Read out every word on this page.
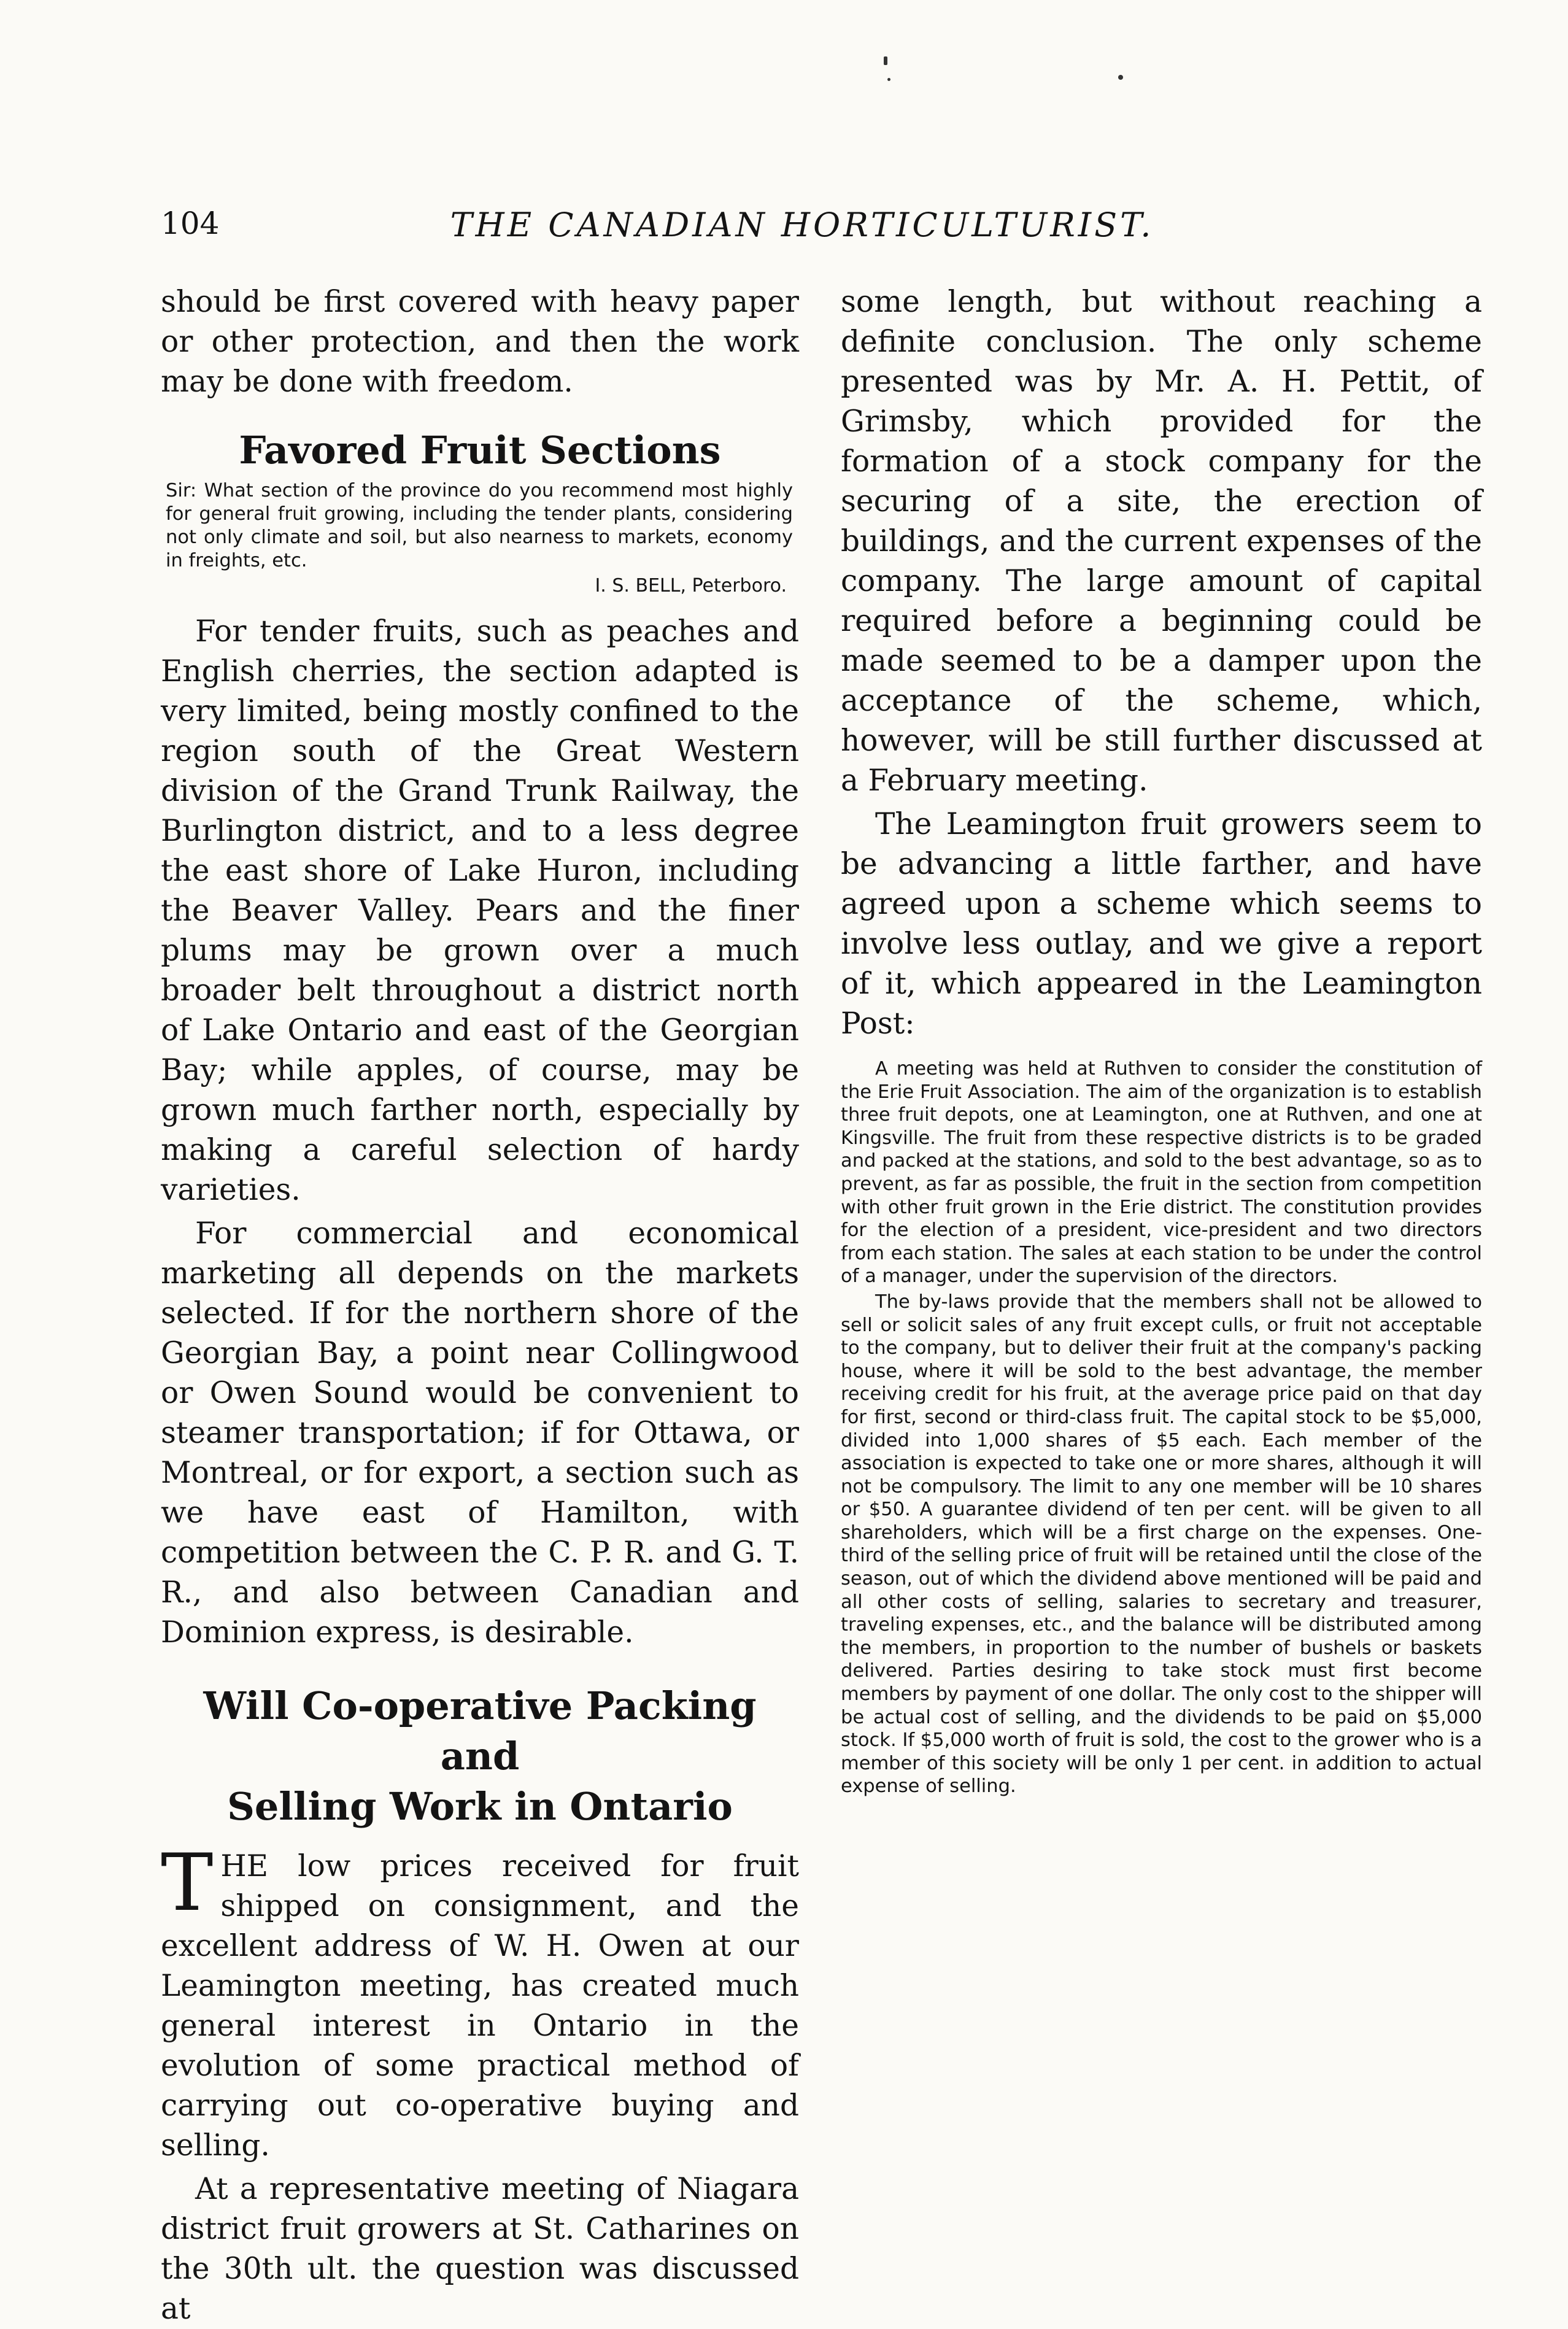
104	THE CANADIAN HORTICULTURIST.

should be first covered with heavy paper or other protection, and then the work may be done with freedom.

Favored Fruit Sections

Sir: What section of the province do you recommend most highly for general fruit growing, including the tender plants, considering not only climate and soil, but also nearness to markets, economy in freights, etc.

I. S. BELL, Peterboro.

For tender fruits, such as peaches and English cherries, the section adapted is very limited, being mostly confined to the region south of the Great Western division of the Grand Trunk Railway, the Burlington district, and to a less degree the east shore of Lake Huron, including the Beaver Valley. Pears and the finer plums may be grown over a much broader belt throughout a district north of Lake Ontario and east of the Georgian Bay; while apples, of course, may be grown much farther north, especially by making a careful selection of hardy varieties.

For commercial and economical marketing all depends on the markets selected. If for the northern shore of the Georgian Bay, a point near Collingwood or Owen Sound would be convenient to steamer transportation; if for Ottawa, or Montreal, or for export, a section such as we have east of Hamilton, with competition between the C. P. R. and G. T. R., and also between Canadian and Dominion express, is desirable.

Will Co-operative Packing and
Selling Work in Ontario

THE low prices received for fruit shipped on consignment, and the excellent address of W. H. Owen at our Leamington meeting, has created much general interest in Ontario in the evolution of some practical method of carrying out co-operative buying and selling.

At a representative meeting of Niagara district fruit growers at St. Catharines on the 30th ult. the question was discussed at

some length, but without reaching a definite conclusion. The only scheme presented was by Mr. A. H. Pettit, of Grimsby, which provided for the formation of a stock company for the securing of a site, the erection of buildings, and the current expenses of the company. The large amount of capital required before a beginning could be made seemed to be a damper upon the acceptance of the scheme, which, however, will be still further discussed at a February meeting.

The Leamington fruit growers seem to be advancing a little farther, and have agreed upon a scheme which seems to involve less outlay, and we give a report of it, which appeared in the Leamington Post:

A meeting was held at Ruthven to consider the constitution of the Erie Fruit Association. The aim of the organization is to establish three fruit depots, one at Leamington, one at Ruthven, and one at Kingsville. The fruit from these respective districts is to be graded and packed at the stations, and sold to the best advantage, so as to prevent, as far as possible, the fruit in the section from competition with other fruit grown in the Erie district. The constitution provides for the election of a president, vice-president and two directors from each station. The sales at each station to be under the control of a manager, under the supervision of the directors.

The by-laws provide that the members shall not be allowed to sell or solicit sales of any fruit except culls, or fruit not acceptable to the company, but to deliver their fruit at the company's packing house, where it will be sold to the best advantage, the member receiving credit for his fruit, at the average price paid on that day for first, second or third-class fruit. The capital stock to be $5,000, divided into 1,000 shares of $5 each. Each member of the association is expected to take one or more shares, although it will not be compulsory. The limit to any one member will be 10 shares or $50. A guarantee dividend of ten per cent. will be given to all shareholders, which will be a first charge on the expenses. One-third of the selling price of fruit will be retained until the close of the season, out of which the dividend above mentioned will be paid and all other costs of selling, salaries to secretary and treasurer, traveling expenses, etc., and the balance will be distributed among the members, in proportion to the number of bushels or baskets delivered. Parties desiring to take stock must first become members by payment of one dollar. The only cost to the shipper will be actual cost of selling, and the dividends to be paid on $5,000 stock. If $5,000 worth of fruit is sold, the cost to the grower who is a member of this society will be only 1 per cent. in addition to actual expense of selling.
